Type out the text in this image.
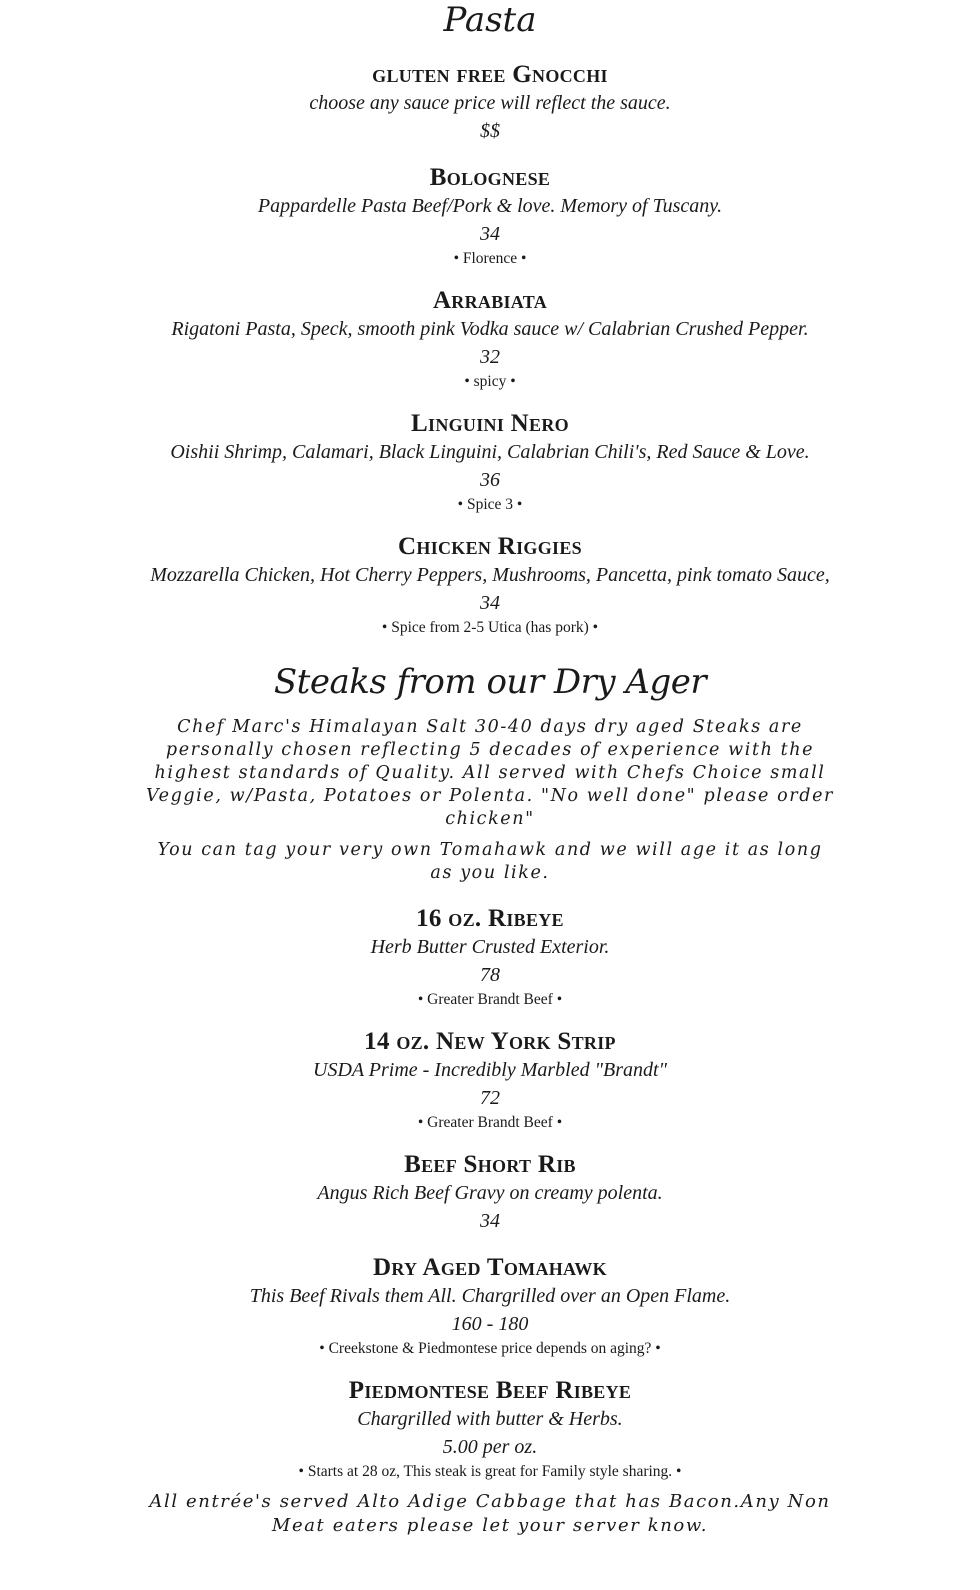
Pasta
gluten free Gnocchi
choose any sauce price will reflect the sauce.
$$
Bolognese
Pappardelle Pasta Beef/Pork & love. Memory of Tuscany.
34
• Florence •
Arrabiata
Rigatoni Pasta, Speck, smooth pink Vodka sauce w/ Calabrian Crushed Pepper.
32
• spicy •
Linguini Nero
Oishii Shrimp, Calamari, Black Linguini, Calabrian Chili's, Red Sauce & Love.
36
• Spice 3 •
Chicken Riggies
Mozzarella Chicken, Hot Cherry Peppers, Mushrooms, Pancetta, pink tomato Sauce,
34
• Spice from 2-5 Utica (has pork) •
Steaks from our Dry Ager

Chef Marc's Himalayan Salt 30-40 days dry aged Steaks are personally chosen reflecting 5 decades of experience with the highest standards of Quality. All served with Chefs Choice small Veggie, w/Pasta, Potatoes or Polenta. "No well done" please order chicken"

You can tag your very own Tomahawk and we will age it as long as you like.

16 oz. Ribeye
Herb Butter Crusted Exterior.
78
• Greater Brandt Beef •
14 oz. New York Strip
USDA Prime - Incredibly Marbled "Brandt"
72
• Greater Brandt Beef •
Beef Short Rib
Angus Rich Beef Gravy on creamy polenta.
34
Dry Aged Tomahawk
This Beef Rivals them All. Chargrilled over an Open Flame.
160 - 180
• Creekstone & Piedmontese price depends on aging? •
Piedmontese Beef Ribeye
Chargrilled with butter & Herbs.
5.00 per oz.
• Starts at 28 oz, This steak is great for Family style sharing. •
All entrée's served Alto Adige Cabbage that has Bacon.Any Non Meat eaters please let your server know.
